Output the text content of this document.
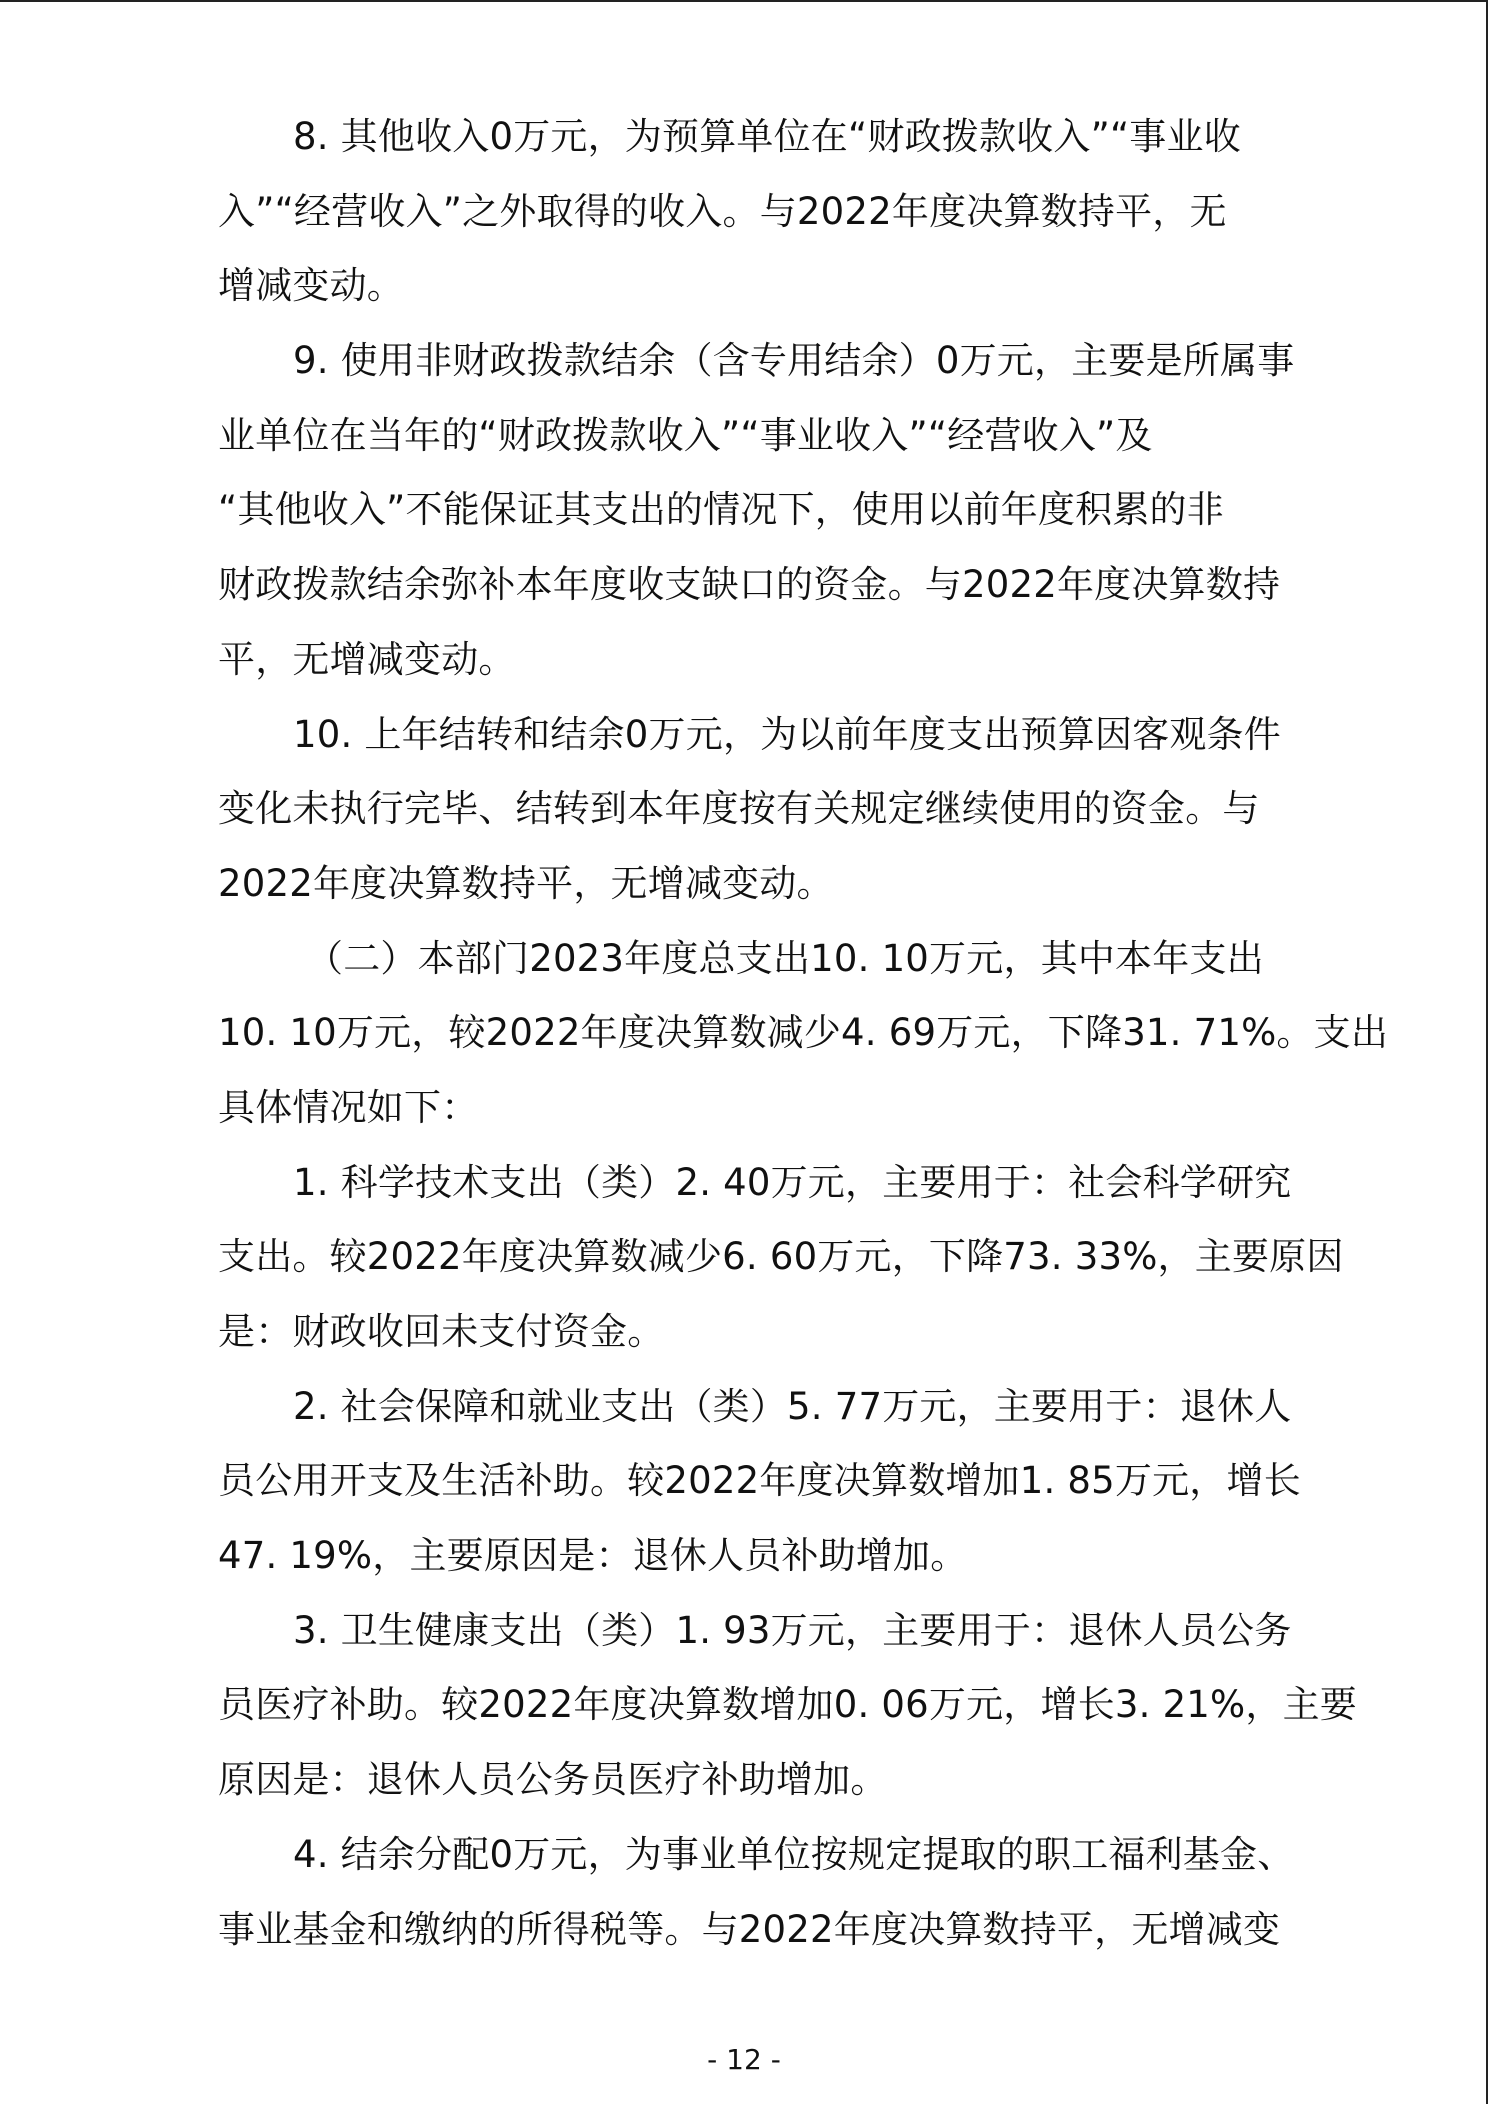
8. 其他收入0万元，为预算单位在“财政拨款收入”“事业收
入”“经营收入”之外取得的收入。与2022年度决算数持平，无
增减变动。
9. 使用非财政拨款结余（含专用结余）0万元，主要是所属事
业单位在当年的“财政拨款收入”“事业收入”“经营收入”及
“其他收入”不能保证其支出的情况下，使用以前年度积累的非
财政拨款结余弥补本年度收支缺口的资金。与2022年度决算数持
平，无增减变动。
10. 上年结转和结余0万元，为以前年度支出预算因客观条件
变化未执行完毕、结转到本年度按有关规定继续使用的资金。与
2022年度决算数持平，无增减变动。
（二）本部门2023年度总支出10. 10万元，其中本年支出
10. 10万元，较2022年度决算数减少4. 69万元，下降31. 71%。支出
具体情况如下：
1. 科学技术支出（类）2. 40万元，主要用于：社会科学研究
支出。较2022年度决算数减少6. 60万元，下降73. 33%，主要原因
是：财政收回未支付资金。
2. 社会保障和就业支出（类）5. 77万元，主要用于：退休人
员公用开支及生活补助。较2022年度决算数增加1. 85万元，增长
47. 19%，主要原因是：退休人员补助增加。
3. 卫生健康支出（类）1. 93万元，主要用于：退休人员公务
员医疗补助。较2022年度决算数增加0. 06万元，增长3. 21%，主要
原因是：退休人员公务员医疗补助增加。
4. 结余分配0万元，为事业单位按规定提取的职工福利基金、
事业基金和缴纳的所得税等。与2022年度决算数持平，无增减变
- 12 -
